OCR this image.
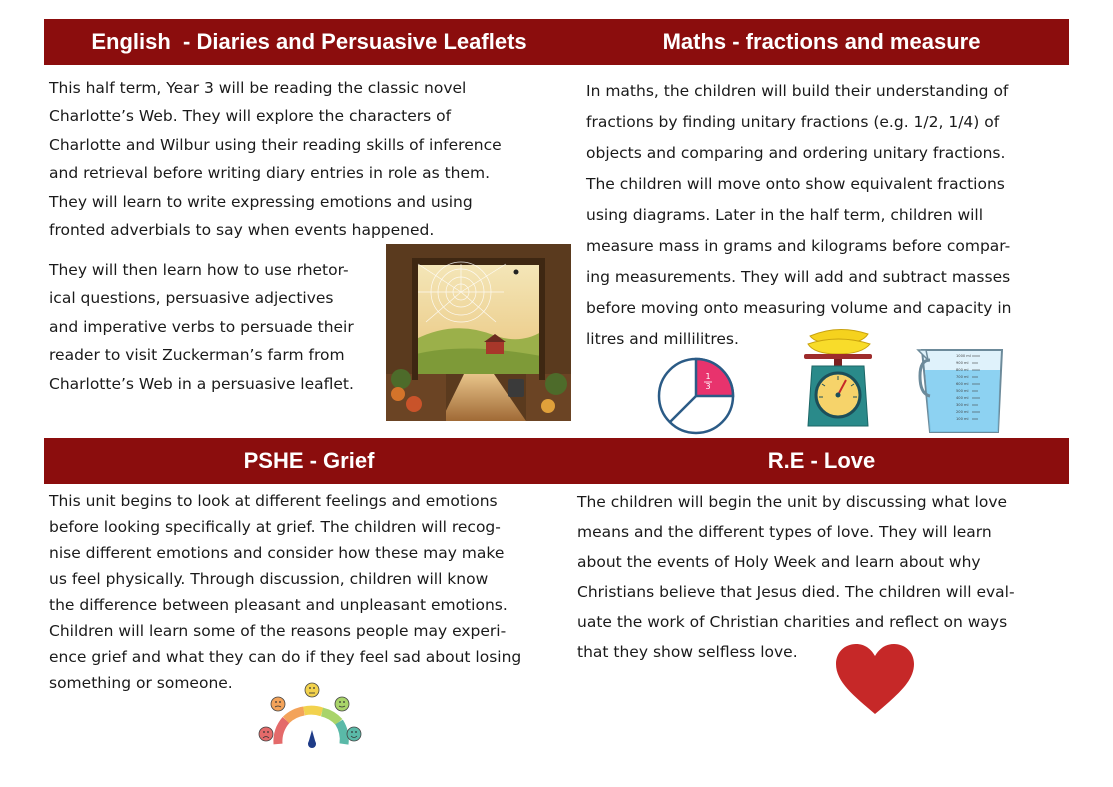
English  - Diaries and Persuasive Leaflets	Maths - fractions and measure
PSHE - Grief	R.E - Love
This half term, Year 3 will be reading the classic novel
Charlotte’s Web. They will explore the characters of
Charlotte and Wilbur using their reading skills of inference
and retrieval before writing diary entries in role as them.
They will learn to write expressing emotions and using
fronted adverbials to say when events happened.
They will then learn how to use rhetor-
ical questions, persuasive adjectives
and imperative verbs to persuade their
reader to visit Zuckerman’s farm from
Charlotte’s Web in a persuasive leaflet.
In maths, the children will build their understanding of
fractions by finding unitary fractions (e.g. 1/2, 1/4) of
objects and comparing and ordering unitary fractions.
The children will move onto show equivalent fractions
using diagrams. Later in the half term, children will
measure mass in grams and kilograms before compar-
ing measurements. They will add and subtract masses
before moving onto measuring volume and capacity in
litres and millilitres.
1
3
1000 ml
900 ml
800 ml
700 ml
600 ml
500 ml
400 ml
300 ml
200 ml
100 ml
This unit begins to look at different feelings and emotions
before looking specifically at grief. The children will recog-
nise different emotions and consider how these may make
us feel physically. Through discussion, children will know
the difference between pleasant and unpleasant emotions.
Children will learn some of the reasons people may experi-
ence grief and what they can do if they feel sad about losing
something or someone.
The children will begin the unit by discussing what love
means and the different types of love. They will learn
about the events of Holy Week and learn about why
Christians believe that Jesus died. The children will eval-
uate the work of Christian charities and reflect on ways
that they show selfless love.
